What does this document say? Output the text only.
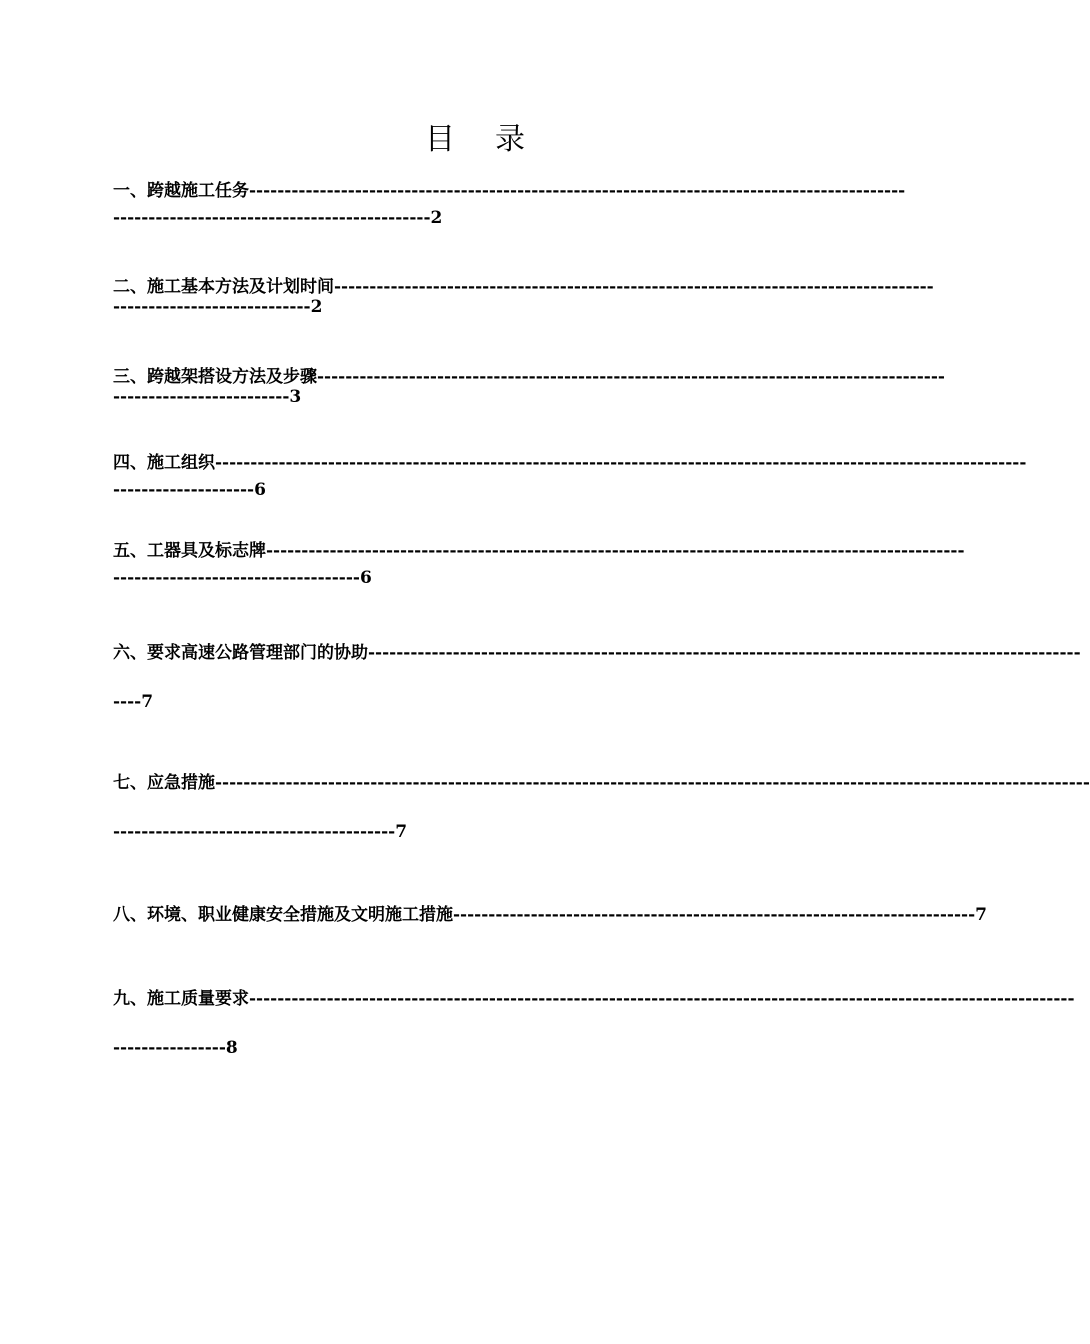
目 录
一、跨越施工任务---------------------------------------------------------------------------------------------
---------------------------------------------2
二、施工基本方法及计划时间-------------------------------------------------------------------------------------
----------------------------2
三、跨越架搭设方法及步骤-----------------------------------------------------------------------------------------
-------------------------3
四、施工组织-------------------------------------------------------------------------------------------------------------------
--------------------6
五、工器具及标志牌---------------------------------------------------------------------------------------------------
-----------------------------------6
六、要求高速公路管理部门的协助-----------------------------------------------------------------------------------------------------
----7
七、应急措施----------------------------------------------------------------------------------------------------------------------------
----------------------------------------7
八、环境、职业健康安全措施及文明施工措施--------------------------------------------------------------------------7
九、施工质量要求---------------------------------------------------------------------------------------------------------------------
----------------8
